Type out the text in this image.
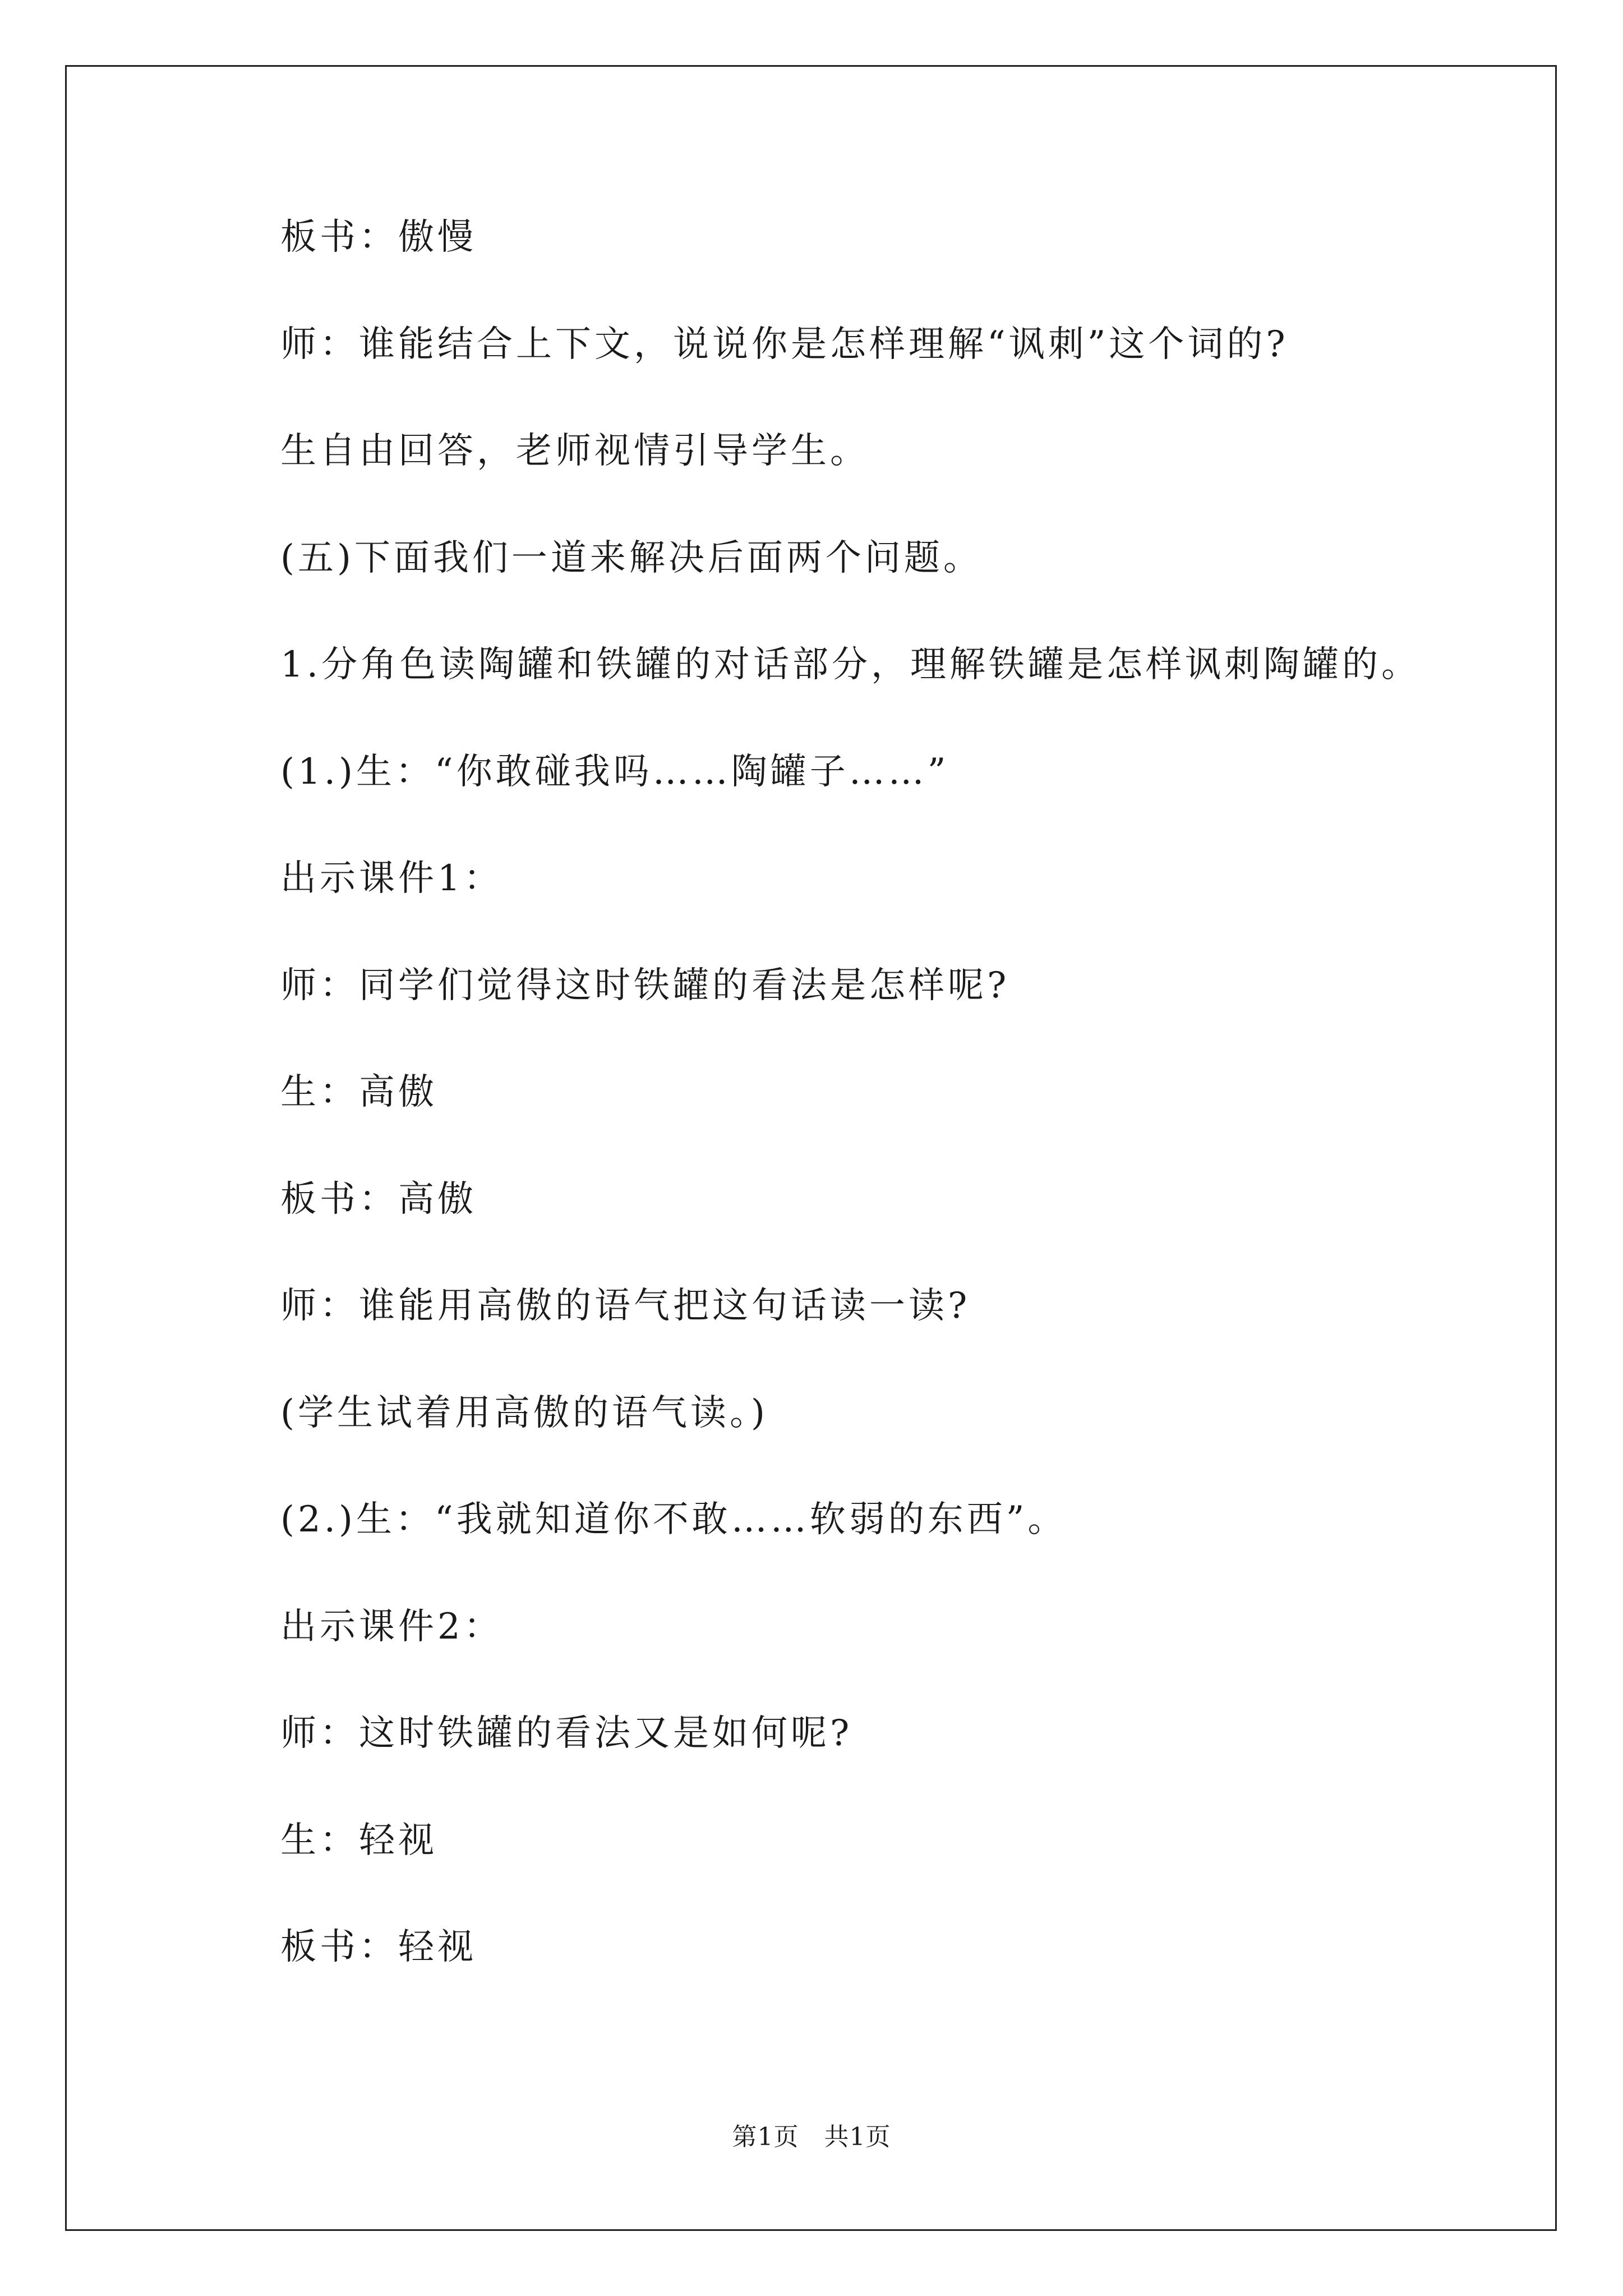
板书：傲慢
师：谁能结合上下文，说说你是怎样理解“讽刺”这个词的?
生自由回答，老师视情引导学生。
(五)下面我们一道来解决后面两个问题。
1.分角色读陶罐和铁罐的对话部分，理解铁罐是怎样讽刺陶罐的。
(1.)生：“你敢碰我吗……陶罐子……”
出示课件1：
师：同学们觉得这时铁罐的看法是怎样呢?
生：高傲
板书：高傲
师：谁能用高傲的语气把这句话读一读?
(学生试着用高傲的语气读。)
(2.)生：“我就知道你不敢……软弱的东西”。
出示课件2：
师：这时铁罐的看法又是如何呢?
生：轻视
板书：轻视
第1页　共1页
